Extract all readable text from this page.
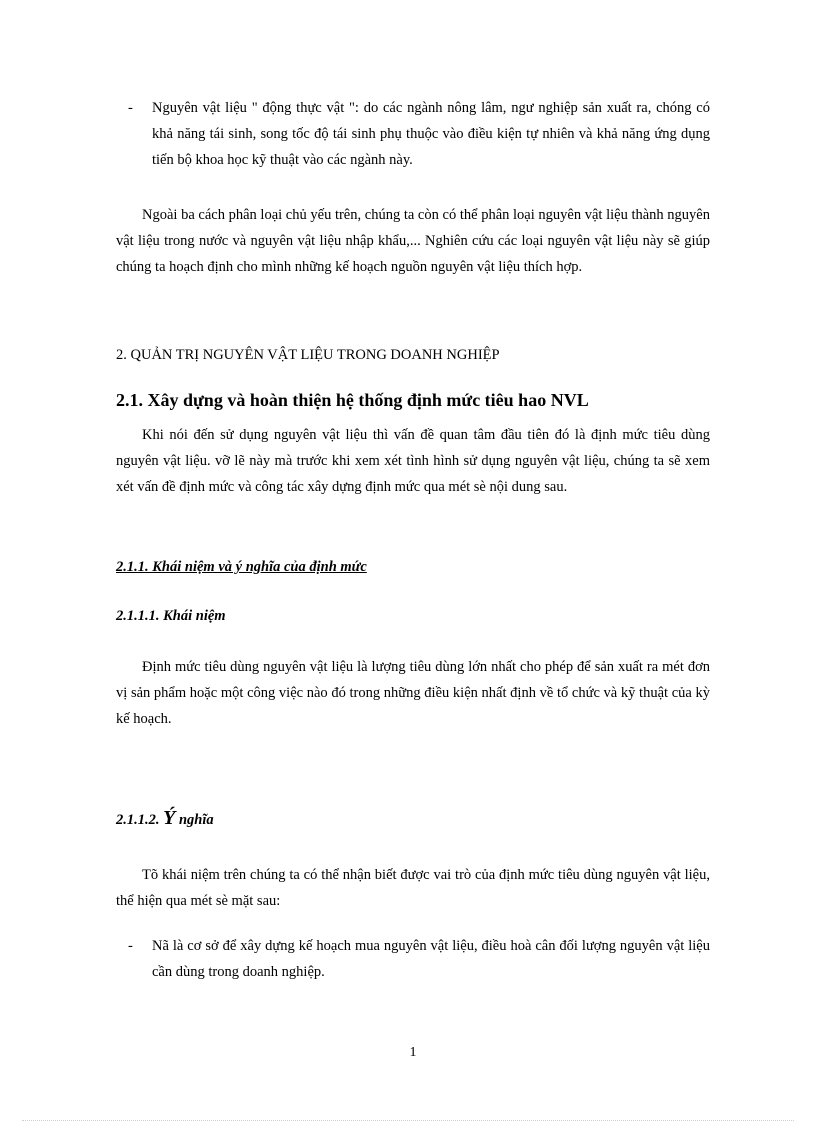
- Nguyên vật liệu " động thực vật ": do các ngành nông lâm, ngư nghiệp sản xuất ra, chóng có khả năng tái sinh, song tốc độ tái sinh phụ thuộc vào điều kiện tự nhiên và khả năng ứng dụng tiến bộ khoa học kỹ thuật vào các ngành này.

Ngoài ba cách phân loại chủ yếu trên, chúng ta còn có thể phân loại nguyên vật liệu thành nguyên vật liệu trong nước và nguyên vật liệu nhập khẩu,... Nghiên cứu các loại nguyên vật liệu này sẽ giúp chúng ta hoạch định cho mình những kế hoạch nguồn nguyên vật liệu thích hợp.

2. QUẢN TRỊ NGUYÊN VẬT LIỆU TRONG DOANH NGHIỆP

2.1. Xây dựng và hoàn thiện hệ thống định mức tiêu hao NVL

Khi nói đến sử dụng nguyên vật liệu thì vấn đề quan tâm đầu tiên đó là định mức tiêu dùng nguyên vật liệu. vỡ lẽ này mà trước khi xem xét tình hình sử dụng nguyên vật liệu, chúng ta sẽ xem xét vấn đề định mức và công tác xây dựng định mức qua mét sè nội dung sau.

2.1.1. Khái niệm và ý nghĩa của định mức

2.1.1.1. Khái niệm

Định mức tiêu dùng nguyên vật liệu là lượng tiêu dùng lớn nhất cho phép để sản xuất ra mét đơn vị sản phẩm hoặc một công việc nào đó trong những điều kiện nhất định về tổ chức và kỹ thuật của kỳ kế hoạch.

2.1.1.2. Ý nghĩa

Tõ khái niệm trên chúng ta có thể nhận biết được vai trò của định mức tiêu dùng nguyên vật liệu, thể hiện qua mét sè mặt sau:

- Nã là cơ sở để xây dựng kế hoạch mua nguyên vật liệu, điều hoà cân đối lượng nguyên vật liệu cần dùng trong doanh nghiệp.
1
